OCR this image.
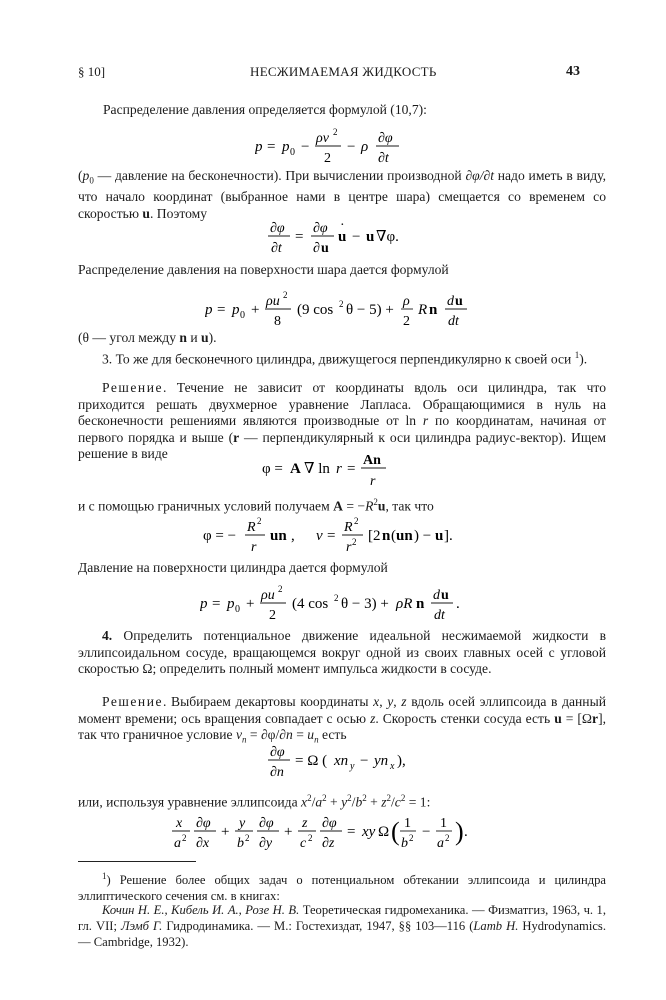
§ 10]	НЕСЖИМАЕМАЯ ЖИДКОСТЬ	43
Распределение давления определяется формулой (10,7):
p = p 0 −
ρv 2
2
− ρ
∂φ
∂t
($p_0$ — давление на бесконечности). При вычислении производной ∂φ/∂t надо иметь в виду, что начало координат (выбранное нами в центре шара) смещается со временем со скоростью u. Поэтому
∂φ
∂t
=
∂φ
∂ u
u
·
− u ∇φ.
Распределение давления на поверхности шара дается формулой
p = p 0 +
ρu 2
8
(9 cos 2 θ − 5) +
ρ
2
R n
d u
dt
(θ — угол между n и u).
3. То же для бесконечного цилиндра, движущегося перпендикулярно к своей оси $^1$).
Решение. Течение не зависит от координаты вдоль оси цилиндра, так что приходится решать двухмерное уравнение Лапласа. Обращающимися в нуль на бесконечности решениями являются производные от ln r по координатам, начиная от первого порядка и выше (r — перпендикулярный к оси цилиндра радиус-вектор). Ищем решение в виде
φ = A ∇ ln r =
An
r
и с помощью граничных условий получаем $A = -R^2u$, так что
φ = −
R 2
r
un , v =
R 2
r 2 [2 n ( un ) − u ].
Давление на поверхности цилиндра дается формулой
p = p 0 +
ρu 2
2
(4 cos 2 θ − 3) + ρR n
d u
dt
.
4. Определить потенциальное движение идеальной несжимаемой жидкости в эллипсоидальном сосуде, вращающемся вокруг одной из своих главных осей с угловой скоростью Ω; определить полный момент импульса жидкости в сосуде.
Решение. Выбираем декартовы координаты x, y, z вдоль осей эллипсоида в данный момент времени; ось вращения совпадает с осью z. Скорость стенки сосуда есть u = [Ωr], так что граничное условие $v_n = \partial\varphi/\partial n = u_n$ есть
∂φ
∂n
= Ω ( xn y − yn x ),
или, используя уравнение эллипсоида $x^2/a^2 + y^2/b^2 + z^2/c^2 = 1$:
x
a 2
∂φ
∂x
+
y
b 2
∂φ
∂y
+
z
c 2
∂φ
∂z
= xy Ω ( 1
b 2 −
1
a 2 ) .
$^1$) Решение более общих задач о потенциальном обтекании эллипсоида и цилиндра эллиптического сечения см. в книгах:
Кочин Н. Е., Кибель И. А., Розе Н. В. Теоретическая гидромеханика. — Физматгиз, 1963, ч. 1, гл. VII; Лэмб Г. Гидродинамика. — М.: Гостехиздат, 1947, §§ 103—116 (Lamb H. Hydrodynamics. — Cambridge, 1932).
